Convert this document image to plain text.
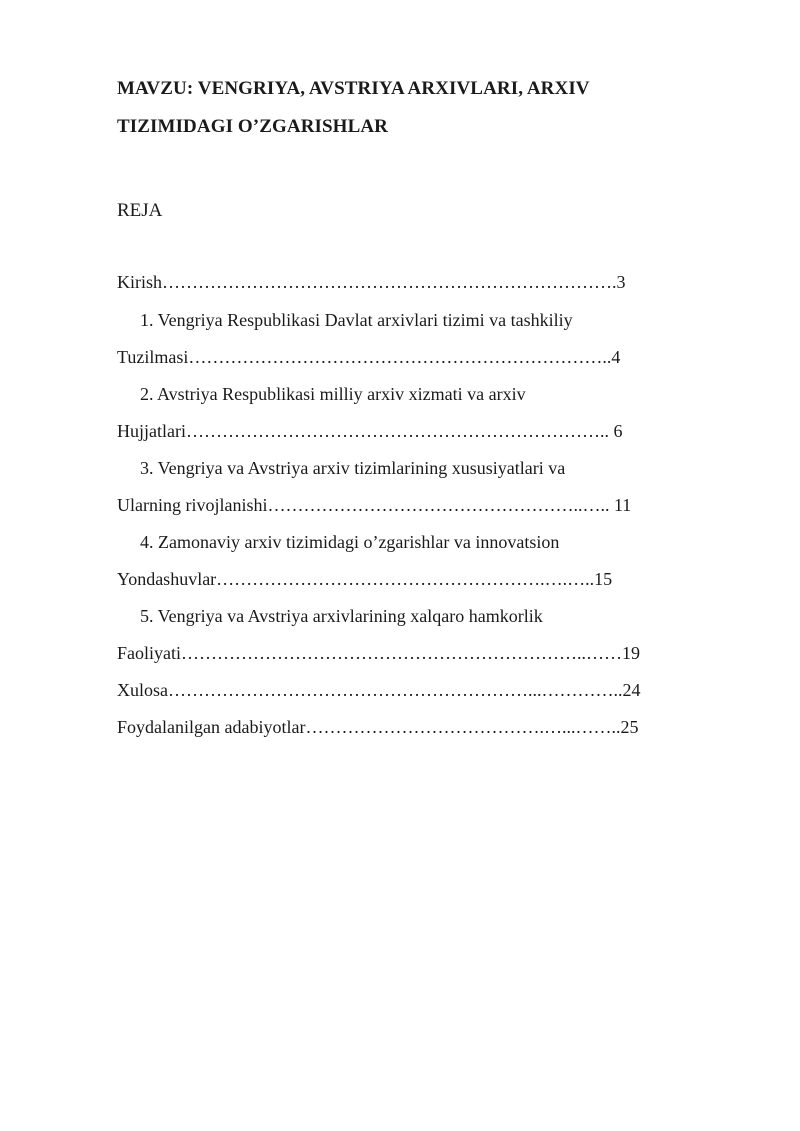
MAVZU: VENGRIYA, AVSTRIYA ARXIVLARI, ARXIV
TIZIMIDAGI O’ZGARISHLAR
REJA
Kirish………………………………………………………………….3
1. Vengriya Respublikasi Davlat arxivlari tizimi va tashkiliy
Tuzilmasi……………………………………………………………..4
2. Avstriya Respublikasi milliy arxiv xizmati va arxiv
Hujjatlari…………………………………………………………….. 6
3. Vengriya va Avstriya arxiv tizimlarining xususiyatlari va
Ularning rivojlanishi……………………………………………..….. 11
4. Zamonaviy arxiv tizimidagi o’zgarishlar va innovatsion
Yondashuvlar……………………………………………….….…..15
5. Vengriya va Avstriya arxivlarining xalqaro hamkorlik
Faoliyati…………………………………………………………..……19
Xulosa……………………………………………………...…………..24
Foydalanilgan adabiyotlar………………………………….…...……..25
